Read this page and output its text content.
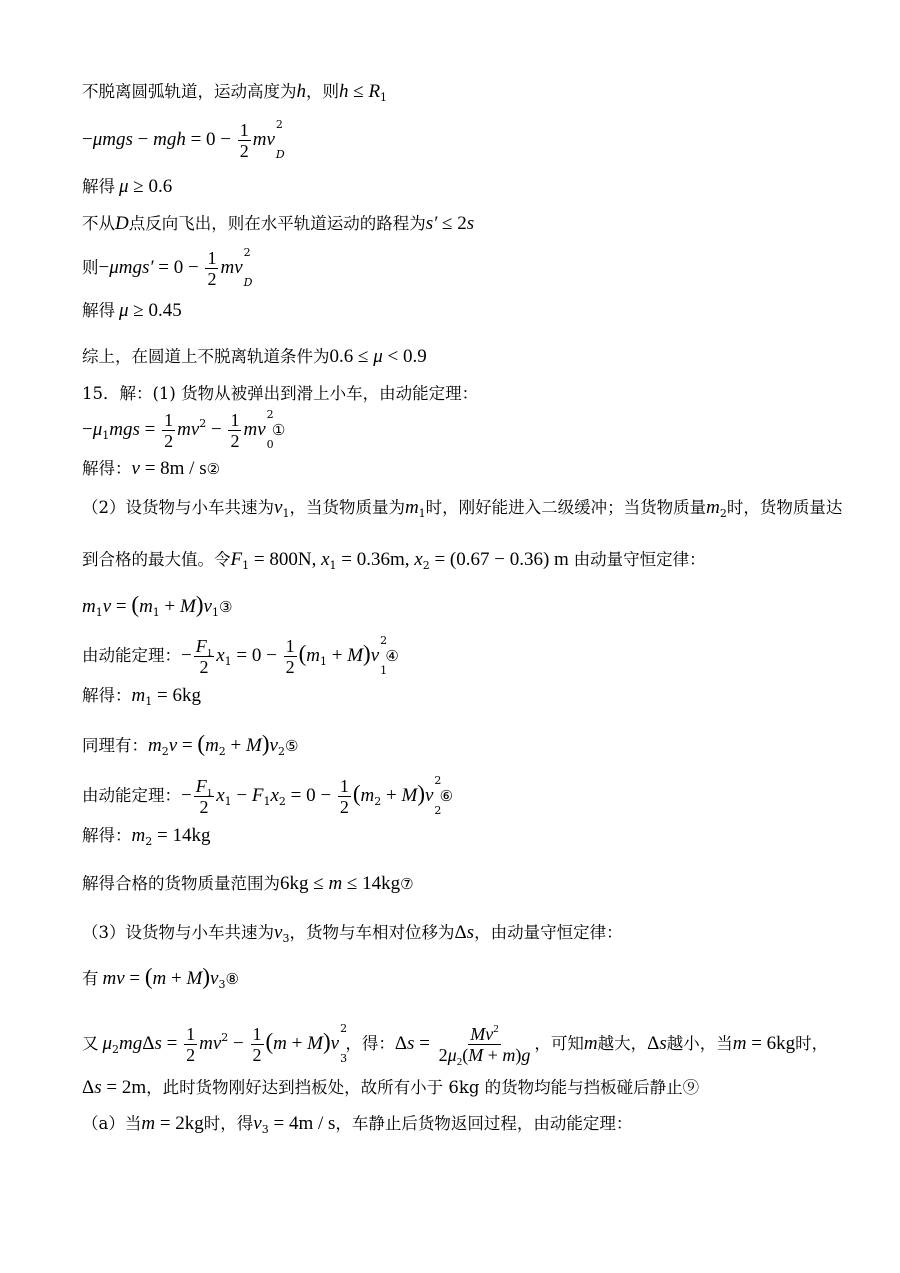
不脱离圆弧轨道，运动高度为h，则$h \le R_1$
−μmgs − mgh = $0 - \frac{1}{2}$ mv
2
D

解得 μ ≥ 0.6
不从D点反向飞出，则在水平轨道运动的路程为s′ ≤ 2s
则$-\mu mgs' = 0 - \frac{1}{2}$ mv
2
D

解得 μ ≥ 0.45
综上，在圆道上不脱离轨道条件为0.6 ≤ μ < 0.9
15．解：(1) 货物从被弹出到滑上小车，由动能定理：
$-\mu_1mgs = \frac{1}{2} mv^2 - \frac{1}{2}$ mv
2
0
①
解得：v = 8m / s②
（2）设货物与小车共速为$v_1$，当货物质量为$m_1$时，刚好能进入二级缓冲；当货物质量$m_2$时，货物质量达
到合格的最大值。令$F_1 = 800N$, $x_1 = 0.36m$, $x_2 = (0.67 - 0.36)$ m 由动量守恒定律：
$m_1v = (m_1$ + $M)v_1③$
由动能定理：− $\frac{F_1}{2} x_1 = 0 - \frac{1}{2} (m_1 + M)v$
2
1
④
解得：$m_1 = 6kg$
同理有：$m_2v = (m_2$ + $M)v_2⑤$
由动能定理：− $\frac{F_1}{2} x_1 - F_1x_2 = 0 - \frac{1}{2} (m_2 + M)v$
2
2
⑥
解得：$m_2 = 14kg$
解得合格的货物质量范围为6kg ≤ m ≤ 14kg⑦
（3）设货物与小车共速为$v_3$，货物与车相对位移为Δs，由动量守恒定律：
有 mv = $(m + M)v_3⑧$
又 $\mu_2mg\Delta s = \frac{1}{2} mv^2 - \frac{1}{2} (m + M)v$
2
3
，得：$\Delta s = \frac{Mv^2}{2\mu_2(M + m)g}$ ，可知m越大，Δs越小，当m = 6kg时，
Δs = 2m，此时货物刚好达到挡板处，故所有小于 6kg 的货物均能与挡板碰后静止⑨
（a）当m = 2kg时，得$v_3 = 4m / s$，车静止后货物返回过程，由动能定理：
